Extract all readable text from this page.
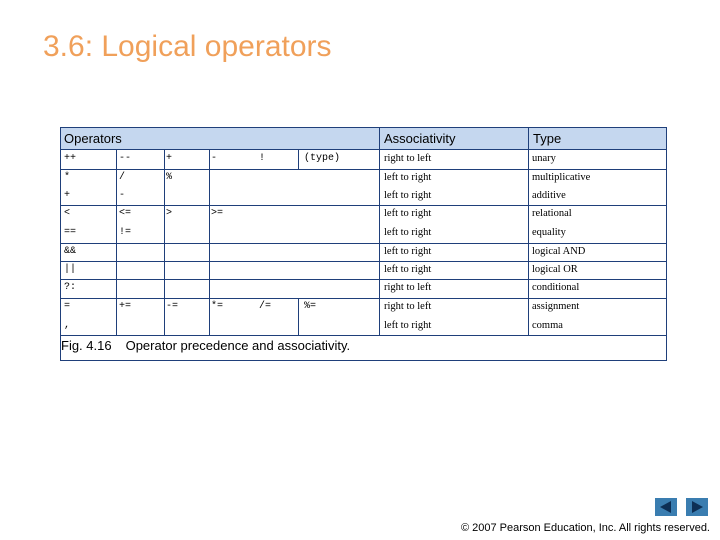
3.6: Logical operators
Operators	Associativity	Type
Fig. 4.16 Operator precedence and associativity.
++	--	+	-	!	(type)	right to left	unary
*	/	%	left to right	multiplicative
+	-	left to right	additive
<	<=	>	>=	left to right	relational
==	!=	left to right	equality
&&	left to right	logical AND
||	left to right	logical OR
?:	right to left	conditional
=	+=	-=	*=	/=	%=	right to left	assignment
,	left to right	comma
© 2007 Pearson Education, Inc. All rights reserved.
